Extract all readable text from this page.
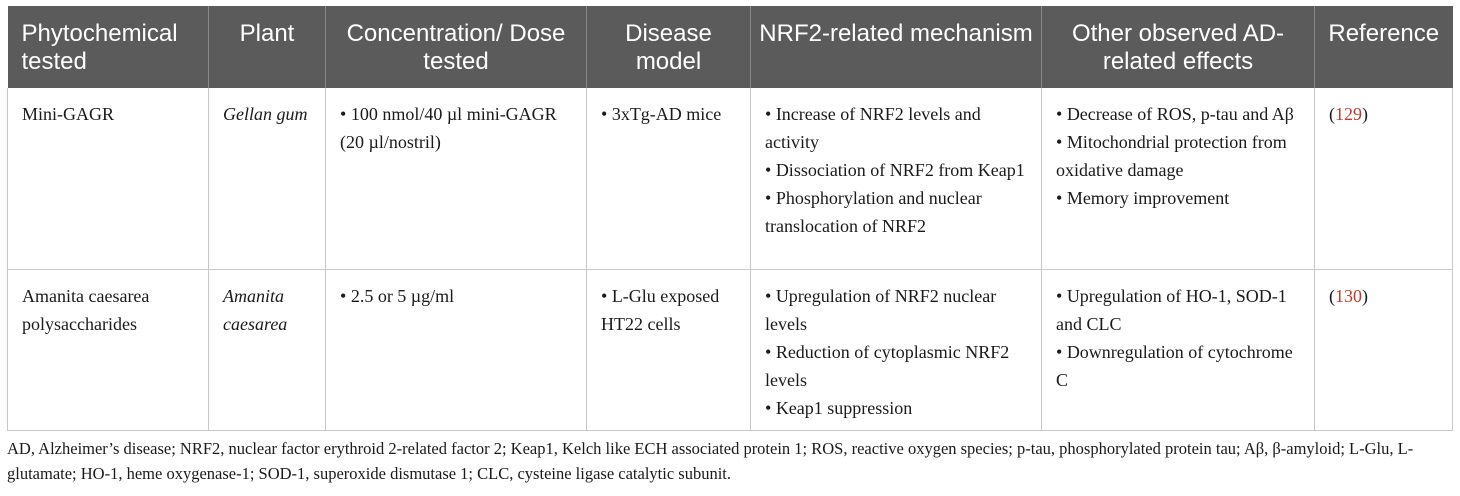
Phytochemical tested	Plant	Concentration/ Dose tested	Disease model	NRF2-related mechanism	Other observed AD-related effects	Reference
Mini-GAGR	Gellan gum	• 100 nmol/40 µl mini-GAGR (20 µl/nostril)	• 3xTg-AD mice	• Increase of NRF2 levels and activity
• Dissociation of NRF2 from Keap1
• Phosphorylation and nuclear translocation of NRF2	• Decrease of ROS, p-tau and Aβ
• Mitochondrial protection from oxidative damage
• Memory improvement	(129)
Amanita caesarea polysaccharides	Amanita caesarea	• 2.5 or 5 µg/ml	• L-Glu exposed HT22 cells	• Upregulation of NRF2 nuclear levels
• Reduction of cytoplasmic NRF2 levels
• Keap1 suppression	• Upregulation of HO-1, SOD-1 and CLC
• Downregulation of cytochrome C	(130)
AD, Alzheimer’s disease; NRF2, nuclear factor erythroid 2-related factor 2; Keap1, Kelch like ECH associated protein 1; ROS, reactive oxygen species; p-tau, phosphorylated protein tau; Aβ, β-amyloid; L-Glu, L-glutamate; HO-1, heme oxygenase-1; SOD-1, superoxide dismutase 1; CLC, cysteine ligase catalytic subunit.
